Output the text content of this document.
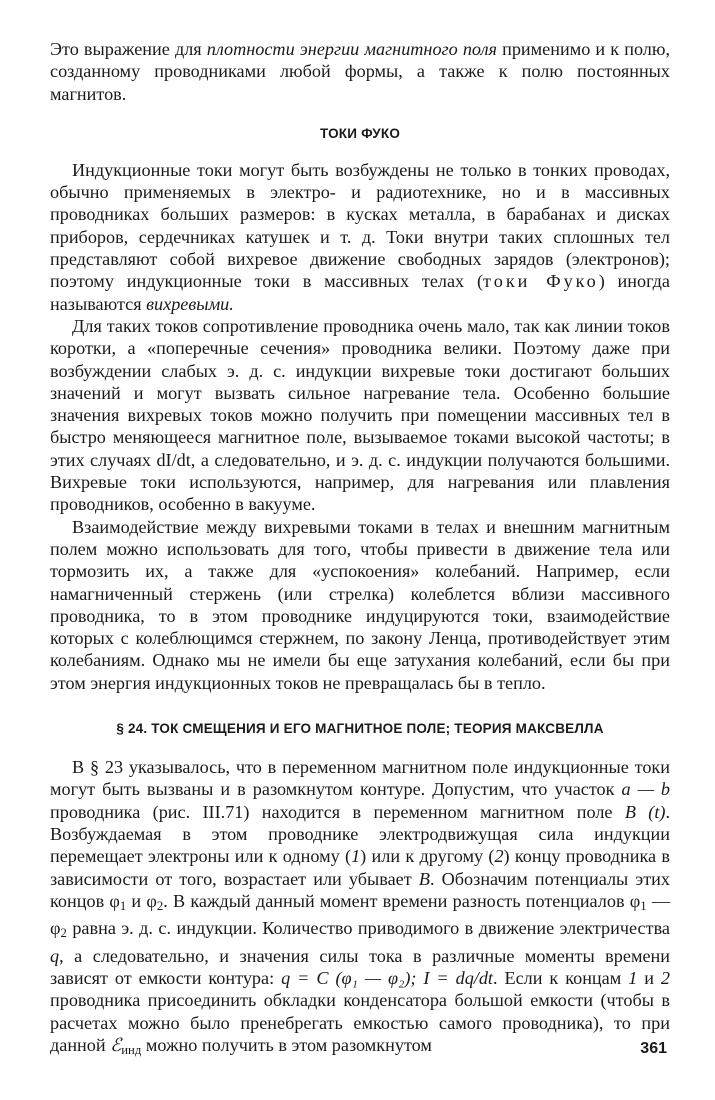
Это выражение для плотности энергии магнитного поля применимо и к полю, созданному проводниками любой формы, а также к полю постоянных магнитов.

ТОКИ ФУКО

Индукционные токи могут быть возбуждены не только в тонких проводах, обычно применяемых в электро- и радиотехнике, но и в массивных проводниках больших размеров: в кусках металла, в барабанах и дисках приборов, сердечниках катушек и т. д. Токи внутри таких сплошных тел представляют собой вихревое движение свободных зарядов (электронов); поэтому индукционные токи в массивных телах (токи Фуко) иногда называются вихревыми.

Для таких токов сопротивление проводника очень мало, так как линии токов коротки, а «поперечные сечения» проводника велики. Поэтому даже при возбуждении слабых э. д. с. индукции вихревые токи достигают больших значений и могут вызвать сильное нагревание тела. Особенно большие значения вихревых токов можно получить при помещении массивных тел в быстро меняющееся магнитное поле, вызываемое токами высокой частоты; в этих случаях dI/dt, а следовательно, и э. д. с. индукции получаются большими. Вихревые токи используются, например, для нагревания или плавления проводников, особенно в вакууме.

Взаимодействие между вихревыми токами в телах и внешним магнитным полем можно использовать для того, чтобы привести в движение тела или тормозить их, а также для «успокоения» колебаний. Например, если намагниченный стержень (или стрелка) колеблется вблизи массивного проводника, то в этом проводнике индуцируются токи, взаимодействие которых с колеблющимся стержнем, по закону Ленца, противодействует этим колебаниям. Однако мы не имели бы еще затухания колебаний, если бы при этом энергия индукционных токов не превращалась бы в тепло.

§ 24. ТОК СМЕЩЕНИЯ И ЕГО МАГНИТНОЕ ПОЛЕ; ТЕОРИЯ МАКСВЕЛЛА

В § 23 указывалось, что в переменном магнитном поле индукционные токи могут быть вызваны и в разомкнутом контуре. Допустим, что участок a — b проводника (рис. III.71) находится в переменном магнитном поле B (t). Возбуждаемая в этом проводнике электродвижущая сила индукции перемещает электроны или к одному (1) или к другому (2) концу проводника в зависимости от того, возрастает или убывает B. Обозначим потенциалы этих концов $\varphi_1$ и $\varphi_2$. В каждый данный момент времени разность потенциалов $\varphi_1$ — $\varphi_2$ равна э. д. с. индукции. Количество приводимого в движение электричества q, а следовательно, и значения силы тока в различные моменты времени зависят от емкости контура: q = C (φ₁ — φ₂); I = dq/dt. Если к концам 1 и 2 проводника присоединить обкладки конденсатора большой емкости (чтобы в расчетах можно было пренебрегать емкостью самого проводника), то при данной ℰ$_{инд}$ можно получить в этом разомкнутом	361
